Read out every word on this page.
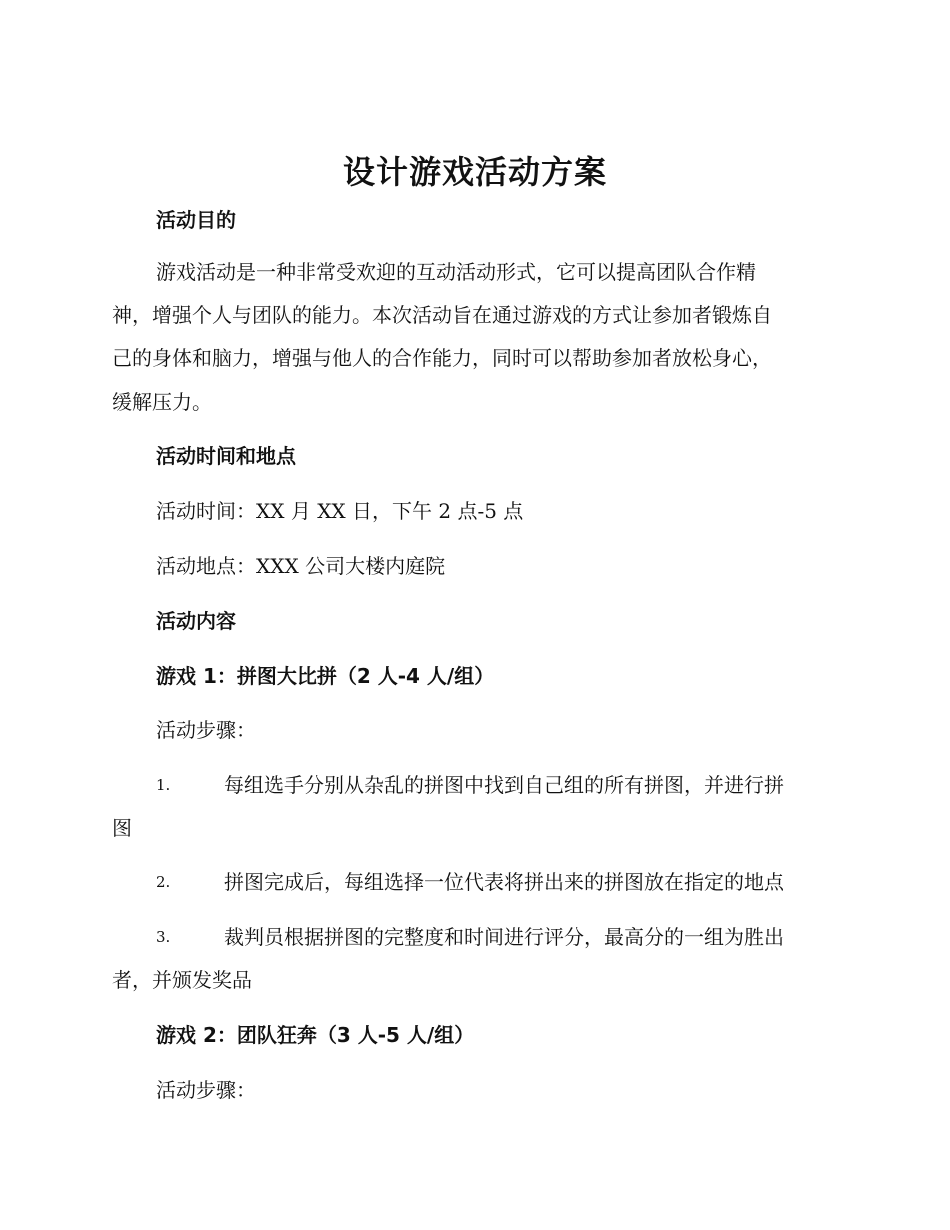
设计游戏活动方案
活动目的
游戏活动是一种非常受欢迎的互动活动形式，它可以提高团队合作精
神，增强个人与团队的能力。本次活动旨在通过游戏的方式让参加者锻炼自
己的身体和脑力，增强与他人的合作能力，同时可以帮助参加者放松身心，
缓解压力。
活动时间和地点
活动时间：XX 月 XX 日，下午 2 点-5 点
活动地点：XXX 公司大楼内庭院
活动内容
游戏 1：拼图大比拼（2 人-4 人/组）
活动步骤：
1.	每组选手分别从杂乱的拼图中找到自己组的所有拼图，并进行拼
图
2.	拼图完成后，每组选择一位代表将拼出来的拼图放在指定的地点
3.	裁判员根据拼图的完整度和时间进行评分，最高分的一组为胜出
者，并颁发奖品
游戏 2：团队狂奔（3 人-5 人/组）
活动步骤：
